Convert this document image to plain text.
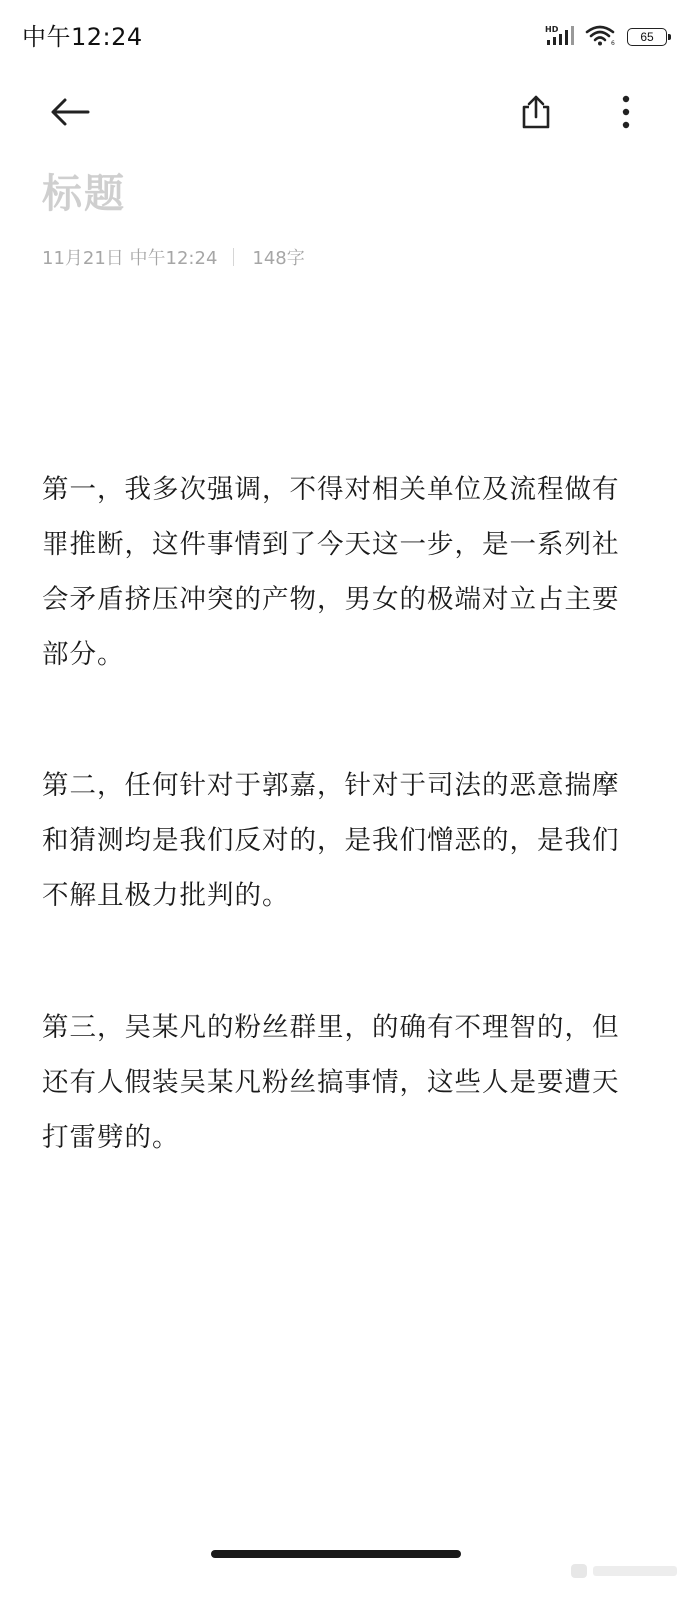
中午12:24	HD
6	65
标题
11月21日 中午12:24 148字

第一，我多次强调，不得对相关单位及流程做有罪推断，这件事情到了今天这一步，是一系列社会矛盾挤压冲突的产物，男女的极端对立占主要部分。

第二，任何针对于郭嘉，针对于司法的恶意揣摩和猜测均是我们反对的，是我们憎恶的，是我们不解且极力批判的。

第三，吴某凡的粉丝群里，的确有不理智的，但还有人假装吴某凡粉丝搞事情，这些人是要遭天打雷劈的。
